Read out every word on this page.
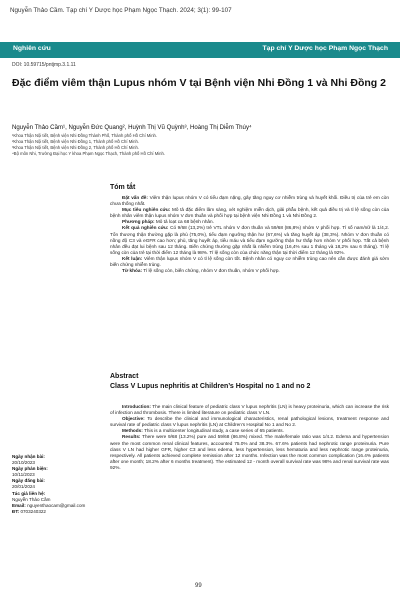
Nguyễn Thảo Cầm. Tạp chí Y Dược học Phạm Ngọc Thạch. 2024; 3(1): 99-107
Nghiên cứu	Tạp chí Y Dược học Phạm Ngọc Thạch
DOI: 10.59715/pntjmp.3.1.11
Đặc điểm viêm thận Lupus nhóm V tại Bệnh viện Nhi Đồng 1 và Nhi Đồng 2
Nguyễn Thảo Cầm¹, Nguyễn Đức Quang², Huỳnh Thị Vũ Quỳnh³, Hoàng Thị Diễm Thúy⁴
¹Khoa Thận Nội tiết, Bệnh viện Nhi Đồng Thành Phố, Thành phố Hồ Chí Minh.
²Khoa Thận Nội tiết, Bệnh viện Nhi Đồng 1, Thành phố Hồ Chí Minh.
³Khoa Thận Nội tiết, Bệnh viện Nhi Đồng 2, Thành phố Hồ Chí Minh.
⁴Bộ môn Nhi, Trường Đại học Y khoa Phạm Ngọc Thạch, Thành phố Hồ Chí Minh.
Tóm tắt

Đặt vấn đề: Viêm thận lupus nhóm V có tiểu đạm nặng, gây tăng nguy cơ nhiễm trùng và huyết khối. Điều trị của trẻ em còn chưa thống nhất.

Mục tiêu nghiên cứu: Mô tả đặc điểm lâm sàng, xét nghiệm miễn dịch, giải phẫu bệnh, kết quả điều trị và tỉ lệ sống còn của bệnh nhân viêm thận lupus nhóm V đơn thuần và phối hợp tại bệnh viện Nhi Đồng 1 và Nhi Đồng 2.

Phương pháp: Mô tả loạt ca 68 bệnh nhân.

Kết quả nghiên cứu: Có 9/68 (13,2%) trẻ VTL nhóm V đơn thuần và 59/68 (86,8%) nhóm V phối hợp. Tỉ số nam/nữ là 1/4,2. Tổn thương thận thường gặp là phù (75,0%), tiểu đạm ngưỡng thận hư (67,6%) và tăng huyết áp (38,3%). Nhóm V đơn thuần có nồng độ C3 và eGFR cao hơn; phù, tăng huyết áp, tiểu máu và tiểu đạm ngưỡng thận hư thấp hơn nhóm V phối hợp. Tất cả bệnh nhân đều đạt lui bệnh sau 12 tháng. Biến chứng thường gặp nhất là nhiễm trùng (16,4% sau 1 tháng và 18,2% sau 6 tháng). Tỉ lệ sống còn của trẻ tại thời điểm 12 tháng là 98%. Tỉ lệ sống còn của chức năng thận tại thời điểm 12 tháng là 92%.

Kết luận: Viêm thận lupus nhóm V có tỉ lệ sống còn tốt. Bệnh nhân có nguy cơ nhiễm trùng cao nên cần được đánh giá sớm biến chứng nhiễm trùng.

Từ khóa: Tỉ lệ sống còn, biến chứng, nhóm V đơn thuần, nhóm V phối hợp.

Abstract
Class V Lupus nephritis at Children’s Hospital no 1 and no 2

Introduction: The main clinical feature of pediatric class V lupus nephritis (LN) is heavy proteinuria, which can increase the risk of infection and thrombosis. There is limited literature on pediatric class V LN.

Objective: To describe the clinical and immunological characteristics, renal pathological lesions, treatment response and survival rate of pediatric class V lupus nephritis (LN) at Children’s Hospital No 1 and No 2.

Methods: This is a multicenter longitudinal study, a case series of 65 patients.

Results: There were 9/68 (13.2%) pure and 59/68 (86.8%) mixed. The male/female ratio was 1/4.2. Edema and hypertension were the most common renal clinical features, accounted 75.0% and 38.3%. 67.6% patients had nephrotic range proteinuria. Pure class V LN had higher GFR, higher C3 and less edema, less hypertension, less hematuria and less nephrotic range proteinuria, respectively. All patients achieved complete remission after 12 months. Infection was the most common complication (16.4% patients after one month; 18.2% after 6 months treatment). The estimated 12 - month overall survival rate was 98% and renal survival rate was 92%.

Ngày nhận bài:
20/10/2023
Ngày phản biện:
10/11/2023
Ngày đăng bài:
20/01/2024
Tác giả liên hệ:
Nguyễn Thảo Cầm
Email: nguyenthaocam@gmail.com
ĐT: 0703240322
99
